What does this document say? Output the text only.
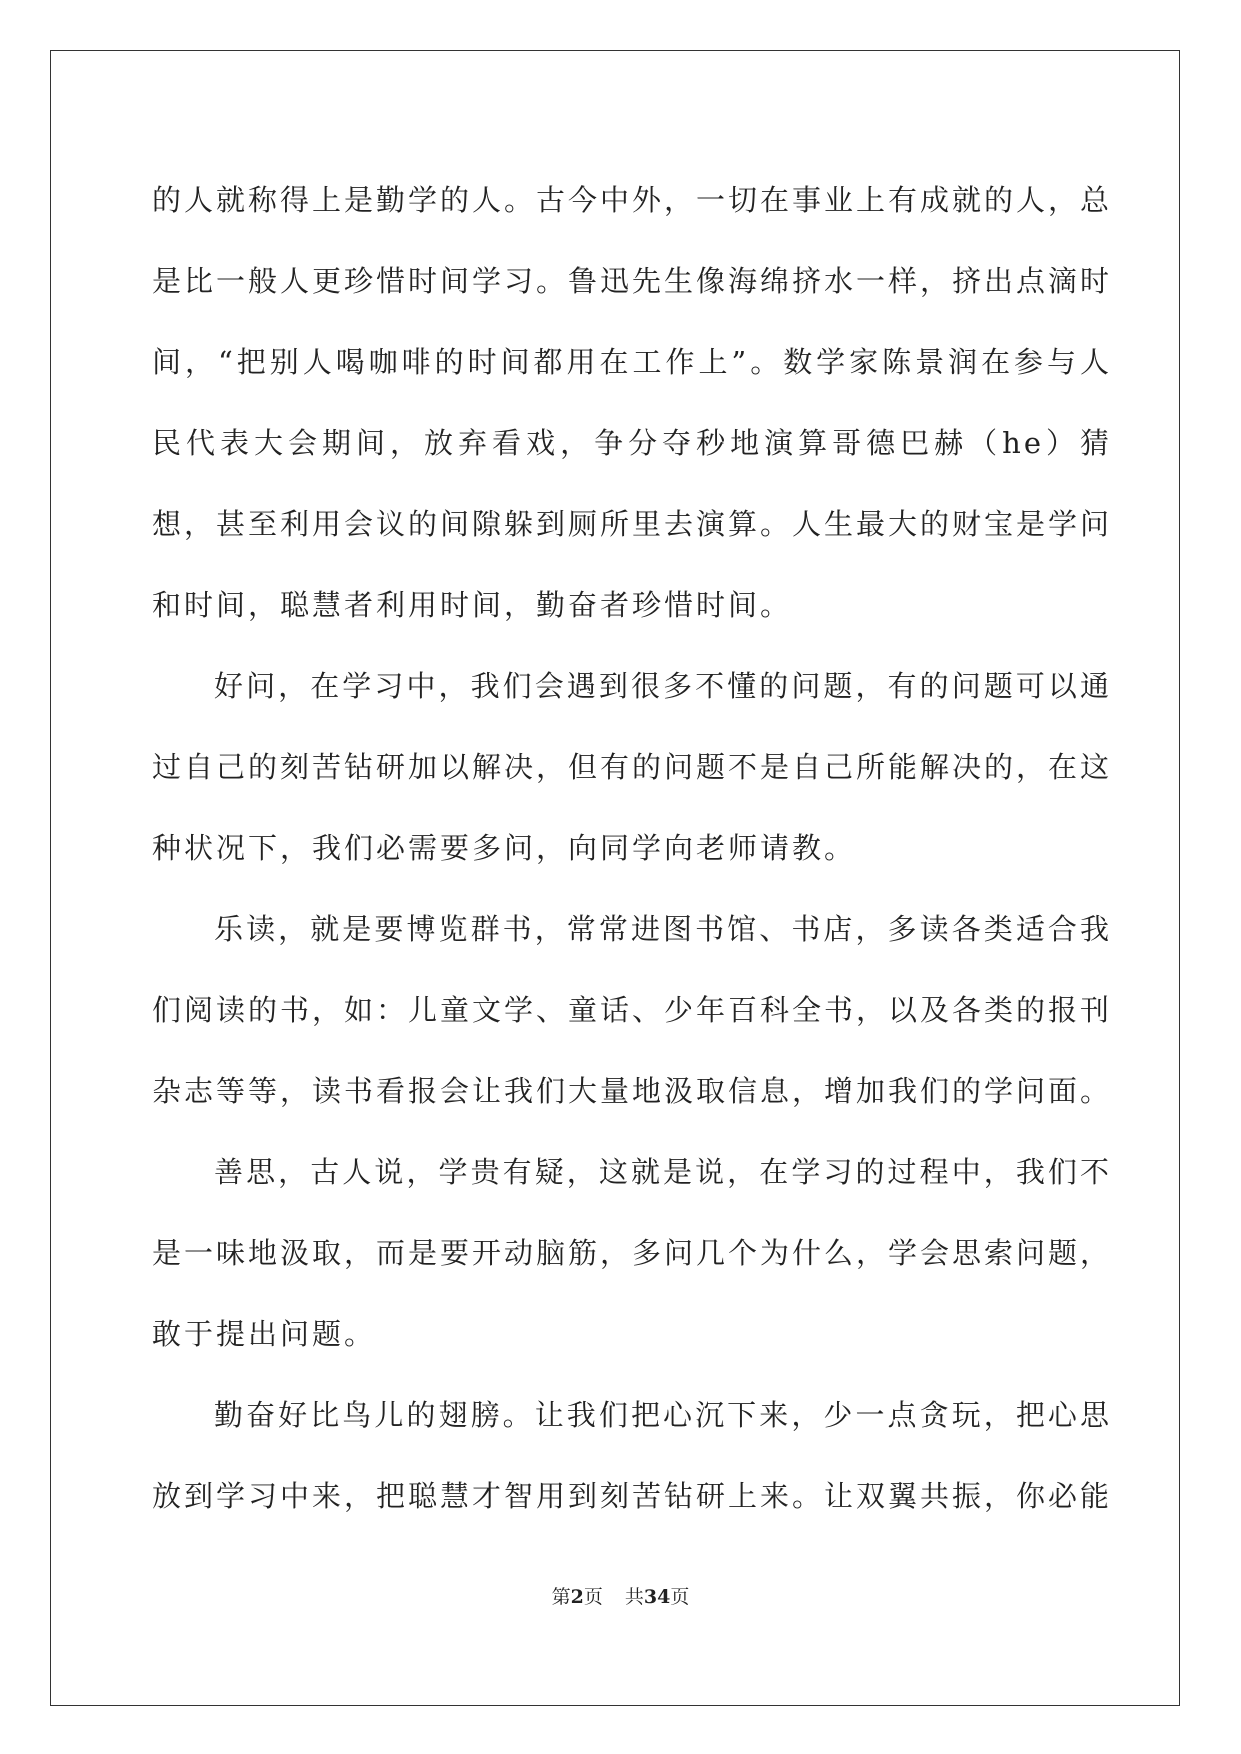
的人就称得上是勤学的人。古今中外，一切在事业上有成就的人，总是比一般人更珍惜时间学习。鲁迅先生像海绵挤水一样，挤出点滴时间，“把别人喝咖啡的时间都用在工作上”。数学家陈景润在参与人民代表大会期间，放弃看戏，争分夺秒地演算哥德巴赫（he）猜想，甚至利用会议的间隙躲到厕所里去演算。人生最大的财宝是学问和时间，聪慧者利用时间，勤奋者珍惜时间。

好问，在学习中，我们会遇到很多不懂的问题，有的问题可以通过自己的刻苦钻研加以解决，但有的问题不是自己所能解决的，在这种状况下，我们必需要多问，向同学向老师请教。

乐读，就是要博览群书，常常进图书馆、书店，多读各类适合我们阅读的书，如：儿童文学、童话、少年百科全书，以及各类的报刊杂志等等，读书看报会让我们大量地汲取信息，增加我们的学问面。

善思，古人说，学贵有疑，这就是说，在学习的过程中，我们不是一味地汲取，而是要开动脑筋，多问几个为什么，学会思索问题，敢于提出问题。

勤奋好比鸟儿的翅膀。让我们把心沉下来，少一点贪玩，把心思放到学习中来，把聪慧才智用到刻苦钻研上来。让双翼共振，你必能

第2页 共34页
